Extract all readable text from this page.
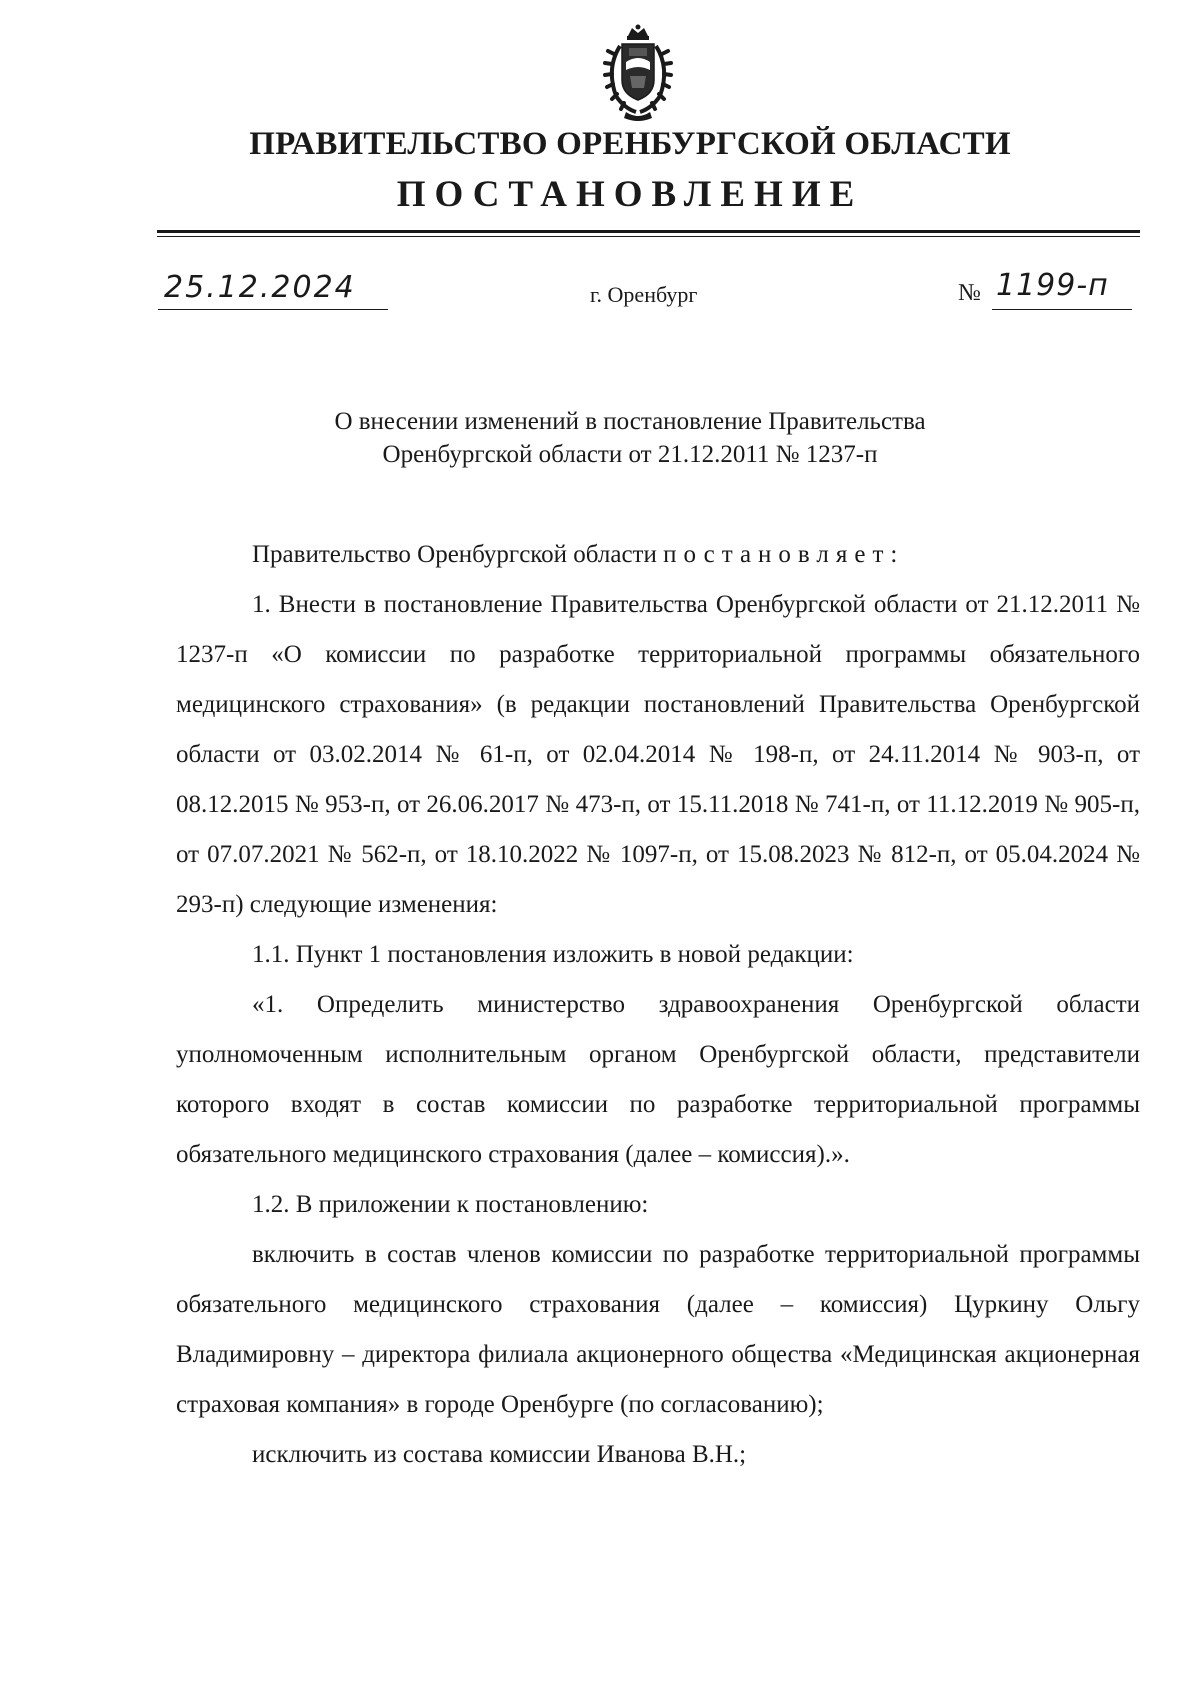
ПРАВИТЕЛЬСТВО ОРЕНБУРГСКОЙ ОБЛАСТИ
ПОСТАНОВЛЕНИЕ
25.12.2024	г. Оренбург	№ 1199-п
О внесении изменений в постановление Правительства
Оренбургской области от 21.12.2011 № 1237-п

Правительство Оренбургской области постановляет:

1. Внести в постановление Правительства Оренбургской области от 21.12.2011 № 1237-п «О комиссии по разработке территориальной программы обязательного медицинского страхования» (в редакции постановлений Правительства Оренбургской области от 03.02.2014 № 61-п, от 02.04.2014 № 198-п, от 24.11.2014 № 903-п, от 08.12.2015 № 953-п, от 26.06.2017 № 473-п, от 15.11.2018 № 741-п, от 11.12.2019 № 905-п, от 07.07.2021 № 562-п, от 18.10.2022 № 1097-п, от 15.08.2023 № 812-п, от 05.04.2024 № 293-п) следующие изменения:

1.1. Пункт 1 постановления изложить в новой редакции:

«1. Определить министерство здравоохранения Оренбургской области уполномоченным исполнительным органом Оренбургской области, представители которого входят в состав комиссии по разработке территориальной программы обязательного медицинского страхования (далее – комиссия).».

1.2. В приложении к постановлению:

включить в состав членов комиссии по разработке территориальной программы обязательного медицинского страхования (далее – комиссия) Цуркину Ольгу Владимировну – директора филиала акционерного общества «Медицинская акционерная страховая компания» в городе Оренбурге (по согласованию);

исключить из состава комиссии Иванова В.Н.;
